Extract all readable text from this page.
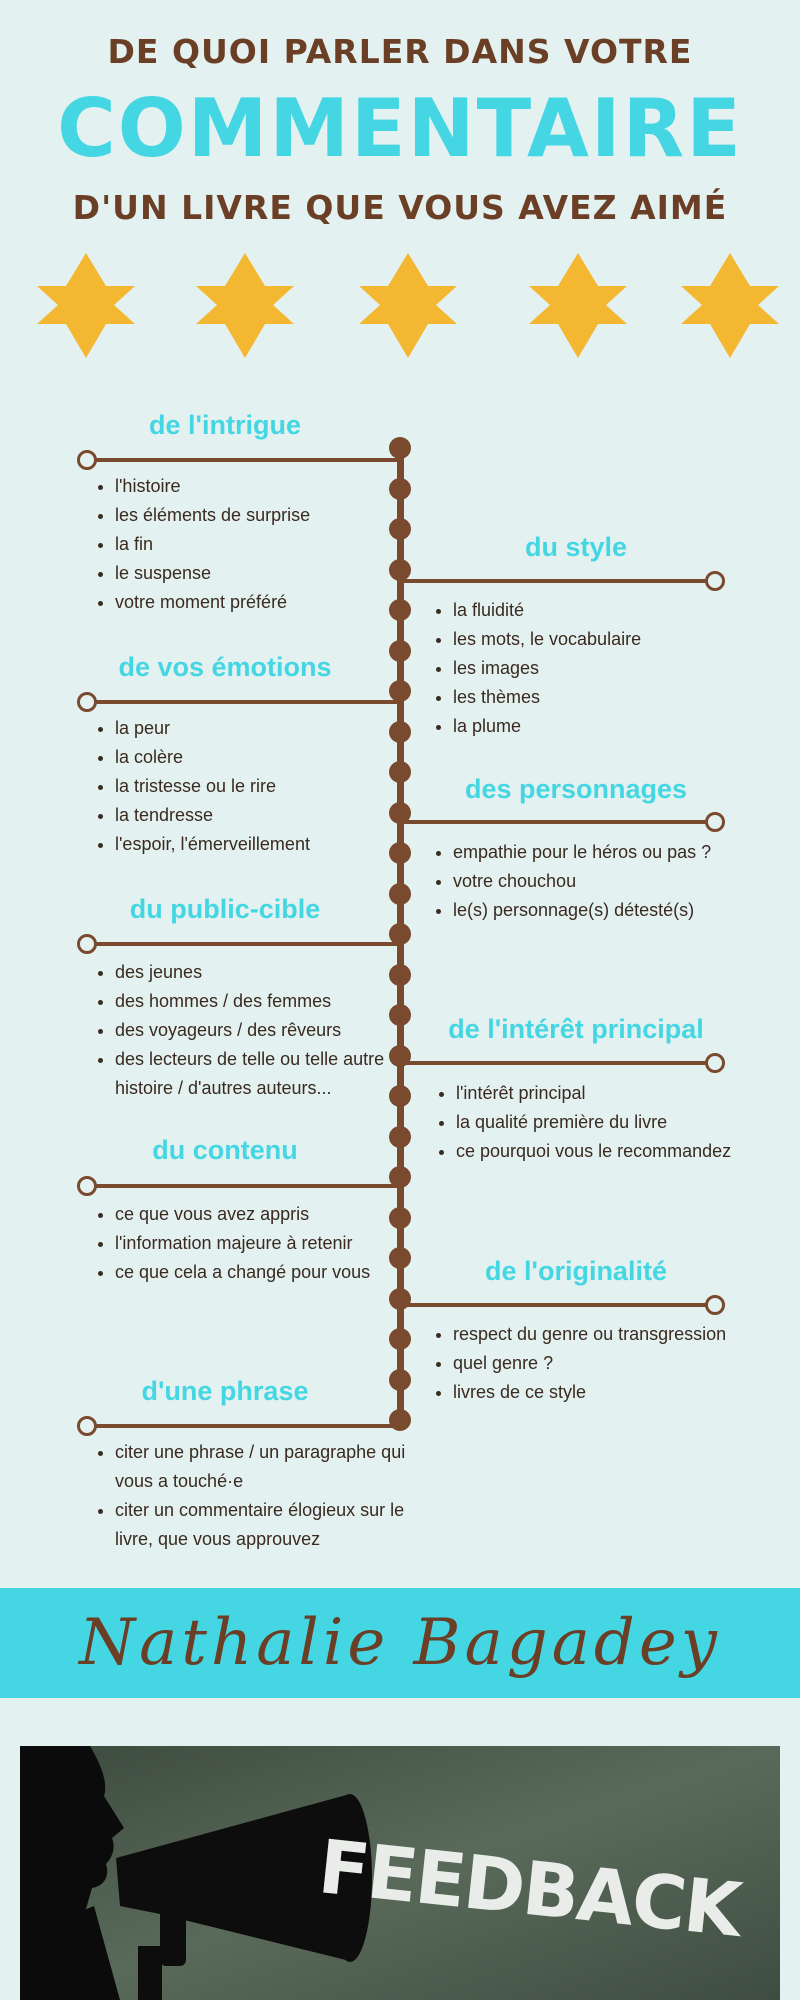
DE QUOI PARLER DANS VOTRE
COMMENTAIRE
D'UN LIVRE QUE VOUS AVEZ AIMÉ
de l'intrigue
• l'histoire
• les éléments de surprise
• la fin
• le suspense
• votre moment préféré
du style
• la fluidité
• les mots, le vocabulaire
• les images
• les thèmes
• la plume
de vos émotions
• la peur
• la colère
• la tristesse ou le rire
• la tendresse
• l'espoir, l'émerveillement
des personnages
• empathie pour le héros ou pas ?
• votre chouchou
• le(s) personnage(s) détesté(s)
du public-cible
• des jeunes
• des hommes / des femmes
• des voyageurs / des rêveurs
• des lecteurs de telle ou telle autre histoire / d'autres auteurs...
de l'intérêt principal
• l'intérêt principal
• la qualité première du livre
• ce pourquoi vous le recommandez
du contenu
• ce que vous avez appris
• l'information majeure à retenir
• ce que cela a changé pour vous	de l'originalité
• respect du genre ou transgression
• quel genre ?
• livres de ce style
d'une phrase
• citer une phrase / un paragraphe qui vous a touché·e
• citer un commentaire élogieux sur le livre, que vous approuvez
Nathalie Bagadey
FEEDBACK
